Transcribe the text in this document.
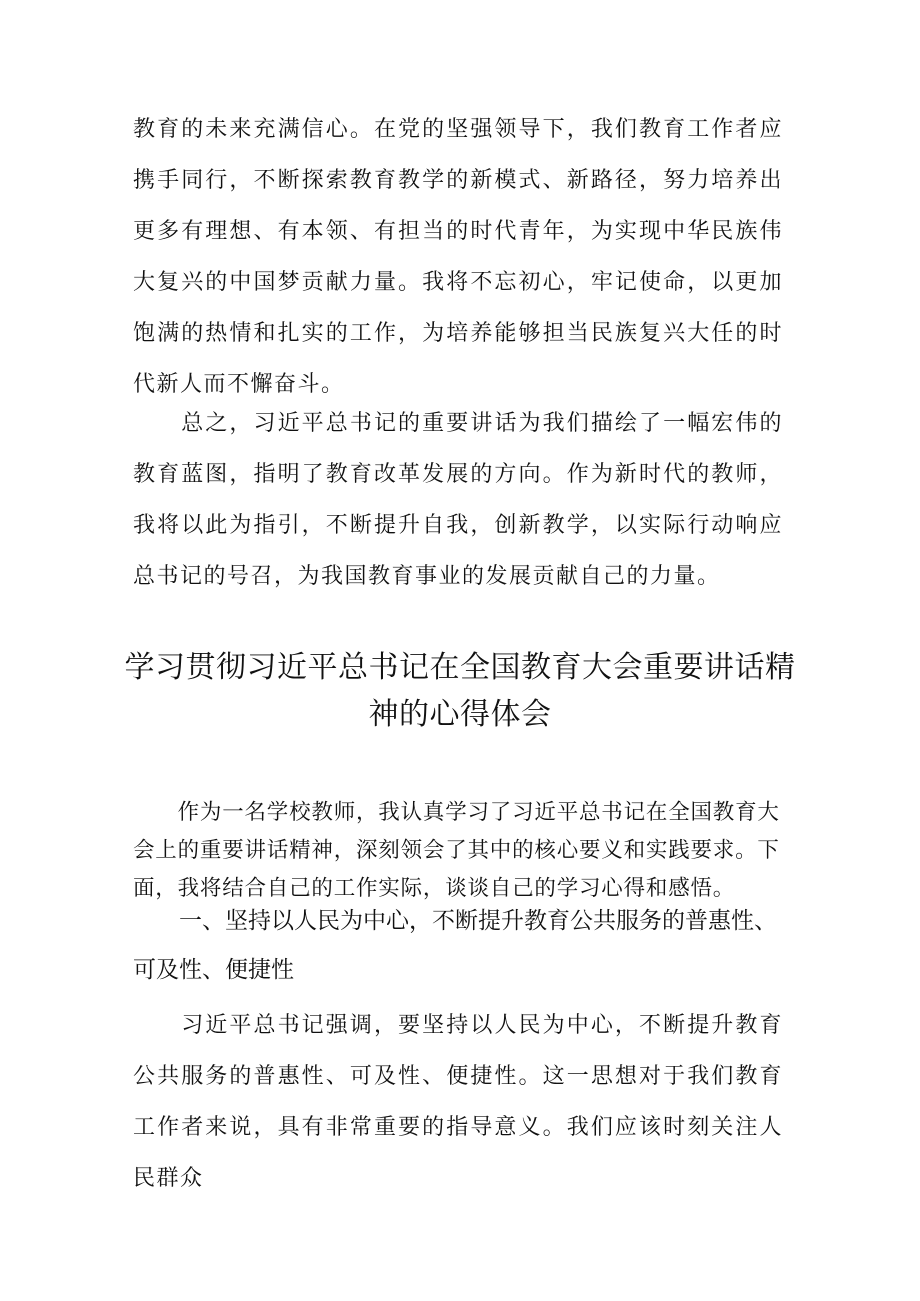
教育的未来充满信心。在党的坚强领导下，我们教育工作者应携手同行，不断探索教育教学的新模式、新路径，努力培养出更多有理想、有本领、有担当的时代青年，为实现中华民族伟大复兴的中国梦贡献力量。我将不忘初心，牢记使命，以更加饱满的热情和扎实的工作，为培养能够担当民族复兴大任的时代新人而不懈奋斗。

　　总之，习近平总书记的重要讲话为我们描绘了一幅宏伟的教育蓝图，指明了教育改革发展的方向。作为新时代的教师，我将以此为指引，不断提升自我，创新教学，以实际行动响应总书记的号召，为我国教育事业的发展贡献自己的力量。

学习贯彻习近平总书记在全国教育大会重要讲话精神的心得体会

　　作为一名学校教师，我认真学习了习近平总书记在全国教育大会上的重要讲话精神，深刻领会了其中的核心要义和实践要求。下面，我将结合自己的工作实际，谈谈自己的学习心得和感悟。

　　一、坚持以人民为中心，不断提升教育公共服务的普惠性、可及性、便捷性

　　习近平总书记强调，要坚持以人民为中心，不断提升教育公共服务的普惠性、可及性、便捷性。这一思想对于我们教育工作者来说，具有非常重要的指导意义。我们应该时刻关注人民群众
